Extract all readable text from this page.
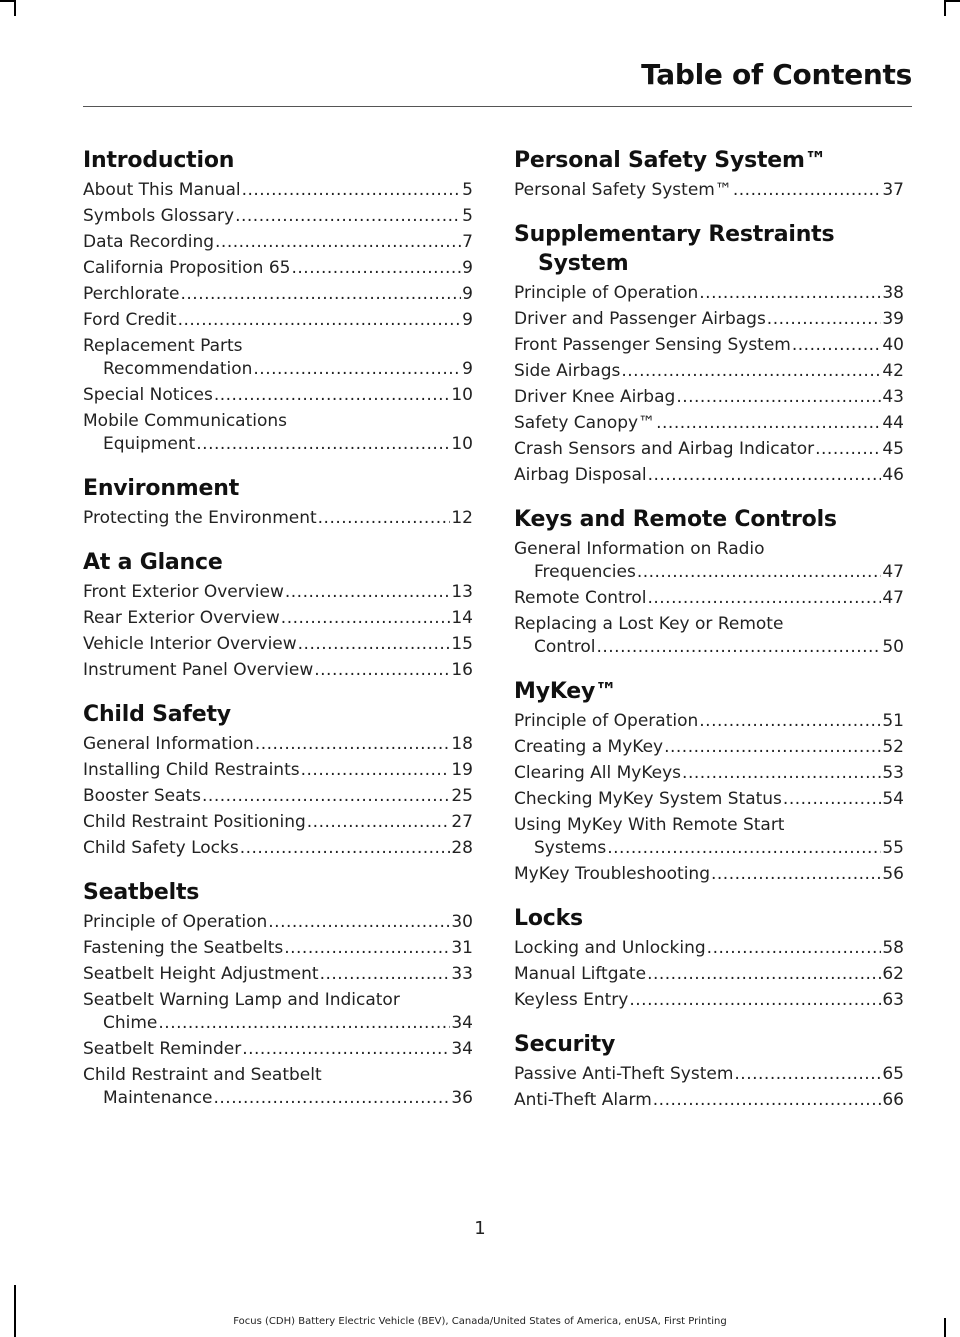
Table of Contents
Introduction
About This Manual .....	5
Symbols Glossary .....	5
Data Recording .....	7
California Proposition 65 .....	9
Perchlorate .....	9
Ford Credit .....	9
Replacement Parts
Recommendation .....	9
Special Notices .....	10
Mobile Communications
Equipment .....	10
Environment
Protecting the Environment .....	12
At a Glance
Front Exterior Overview .....	13
Rear Exterior Overview .....	14
Vehicle Interior Overview .....	15
Instrument Panel Overview .....	16
Child Safety
General Information .....	18
Installing Child Restraints .....	19
Booster Seats .....	25
Child Restraint Positioning .....	27
Child Safety Locks .....	28
Seatbelts
Principle of Operation .....	30
Fastening the Seatbelts .....	31
Seatbelt Height Adjustment .....	33
Seatbelt Warning Lamp and Indicator
Chime .....	34
Seatbelt Reminder .....	34
Child Restraint and Seatbelt
Maintenance .....	36
Personal Safety System™
Personal Safety System™ .....	37
Supplementary Restraints
System
Principle of Operation .....	38
Driver and Passenger Airbags .....	39
Front Passenger Sensing System .....	40
Side Airbags .....	42
Driver Knee Airbag .....	43
Safety Canopy™ .....	44
Crash Sensors and Airbag Indicator .....	45
Airbag Disposal .....	46
Keys and Remote Controls
General Information on Radio
Frequencies .....	47
Remote Control .....	47
Replacing a Lost Key or Remote
Control .....	50
MyKey™
Principle of Operation .....	51
Creating a MyKey .....	52
Clearing All MyKeys .....	53
Checking MyKey System Status .....	54
Using MyKey With Remote Start
Systems .....	55
MyKey Troubleshooting .....	56
Locks
Locking and Unlocking .....	58
Manual Liftgate .....	62
Keyless Entry .....	63
Security
Passive Anti-Theft System .....	65
Anti-Theft Alarm .....	66
1
Focus (CDH) Battery Electric Vehicle (BEV), Canada/United States of America, enUSA, First Printing
